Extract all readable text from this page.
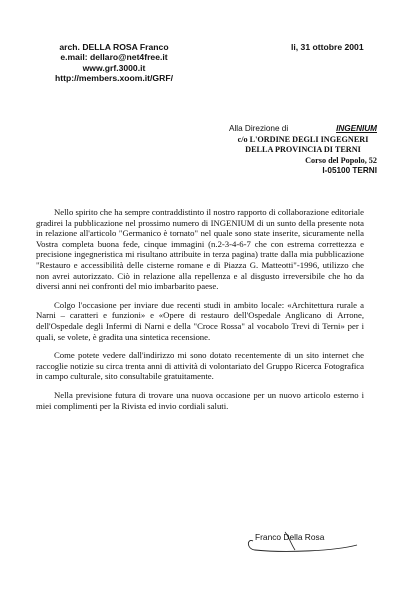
arch. DELLA ROSA Franco
e.mail: dellaro@net4free.it
www.grf.3000.it
http://members.xoom.it/GRF/
li, 31 ottobre 2001
Alla Direzione di	INGENIUM
c/o L'ORDINE DEGLI INGEGNERI
DELLA PROVINCIA DI TERNI
Corso del Popolo, 52
I-05100 TERNI

Nello spirito che ha sempre contraddistinto il nostro rapporto di collaborazione editoriale gradirei la pubblicazione nel prossimo numero di INGENIUM di un sunto della presente nota in relazione all'articolo "Germanico è tornato" nel quale sono state inserite, sicuramente nella Vostra completa buona fede, cinque immagini (n.2-3-4-6-7 che con estrema correttezza e precisione ingegneristica mi risultano attribuite in terza pagina) tratte dalla mia pubblicazione "Restauro e accessibilità delle cisterne romane e di Piazza G. Matteotti"-1996, utilizzo che non avrei autorizzato. Ciò in relazione alla repellenza e al disgusto irreversibile che ho da diversi anni nei confronti del mio imbarbarito paese.

Colgo l'occasione per inviare due recenti studi in ambito locale: «Architettura rurale a Narni – caratteri e funzioni» e «Opere di restauro dell'Ospedale Anglicano di Arrone, dell'Ospedale degli Infermi di Narni e della "Croce Rossa" al vocabolo Trevi di Terni» per i quali, se volete, è gradita una sintetica recensione.

Come potete vedere dall'indirizzo mi sono dotato recentemente di un sito internet che raccoglie notizie su circa trenta anni di attività di volontariato del Gruppo Ricerca Fotografica in campo culturale, sito consultabile gratuitamente.

Nella previsione futura di trovare una nuova occasione per un nuovo articolo esterno i miei complimenti per la Rivista ed invio cordiali saluti.

Franco Della Rosa
